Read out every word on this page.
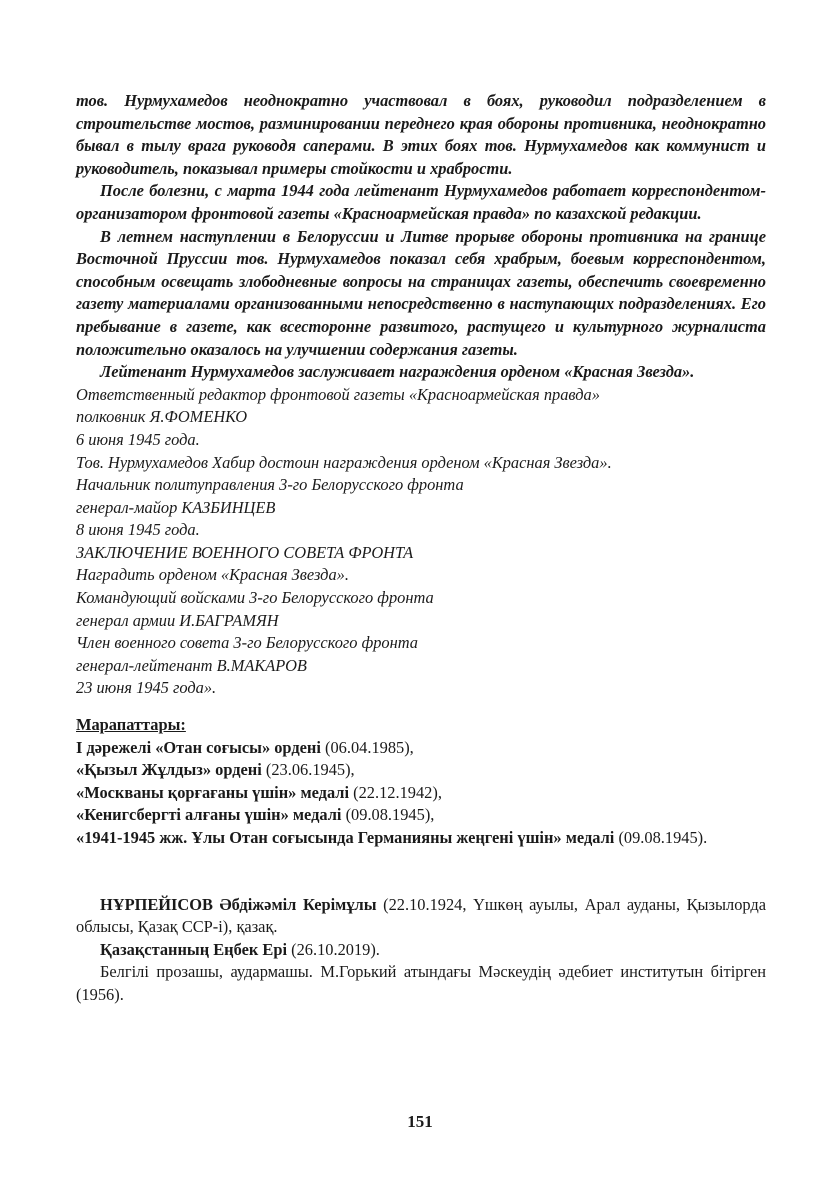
тов. Нурмухамедов неоднократно участвовал в боях, руководил подразделением в строительстве мостов, разминировании переднего края обороны противника, неоднократно бывал в тылу врага руководя саперами. В этих боях тов. Нурмухамедов как коммунист и руководитель, показывал примеры стойкости и храбрости.

После болезни, с марта 1944 года лейтенант Нурмухамедов работает корреспондентом-организатором фронтовой газеты «Красноармейская правда» по казахской редакции.

В летнем наступлении в Белоруссии и Литве прорыве обороны противника на границе Восточной Пруссии тов. Нурмухамедов показал себя храбрым, боевым корреспондентом, способным освещать злободневные вопросы на страницах газеты, обеспечить своевременно газету материалами организованными непосредственно в наступающих подразделениях. Его пребывание в газете, как всесторонне развитого, растущего и культурного журналиста положительно оказалось на улучшении содержания газеты.

Лейтенант Нурмухамедов заслуживает награждения орденом «Красная Звезда».

Ответственный редактор фронтовой газеты «Красноармейская правда»
полковник Я.ФОМЕНКО
6 июня 1945 года.
Тов. Нурмухамедов Хабир достоин награждения орденом «Красная Звезда».
Начальник политуправления 3-го Белорусского фронта
генерал-майор КАЗБИНЦЕВ
8 июня 1945 года.
ЗАКЛЮЧЕНИЕ ВОЕННОГО СОВЕТА ФРОНТА
Наградить орденом «Красная Звезда».
Командующий войсками 3-го Белорусского фронта
генерал армии И.БАГРАМЯН
Член военного совета 3-го Белорусского фронта
генерал-лейтенант В.МАКАРОВ
23 июня 1945 года».
Марапаттары:
І дәрежелі «Отан соғысы» ордені (06.04.1985),
«Қызыл Жұлдыз» ордені (23.06.1945),
«Москваны қорғағаны үшін» медалі (22.12.1942),
«Кенигсбергті алғаны үшін» медалі (09.08.1945),

«1941-1945 жж. Ұлы Отан соғысында Германияны жеңгені үшін» медалі (09.08.1945).

НҰРПЕЙІСОВ Әбдіжәміл Керімұлы (22.10.1924, Үшкөң ауылы, Арал ауданы, Қызылорда облысы, Қазақ ССР-і), қазақ.

Қазақстанның Еңбек Ері (26.10.2019).

Белгілі прозашы, аудармашы. М.Горький атындағы Мәскеудің әдебиет институтын бітірген (1956).

151
